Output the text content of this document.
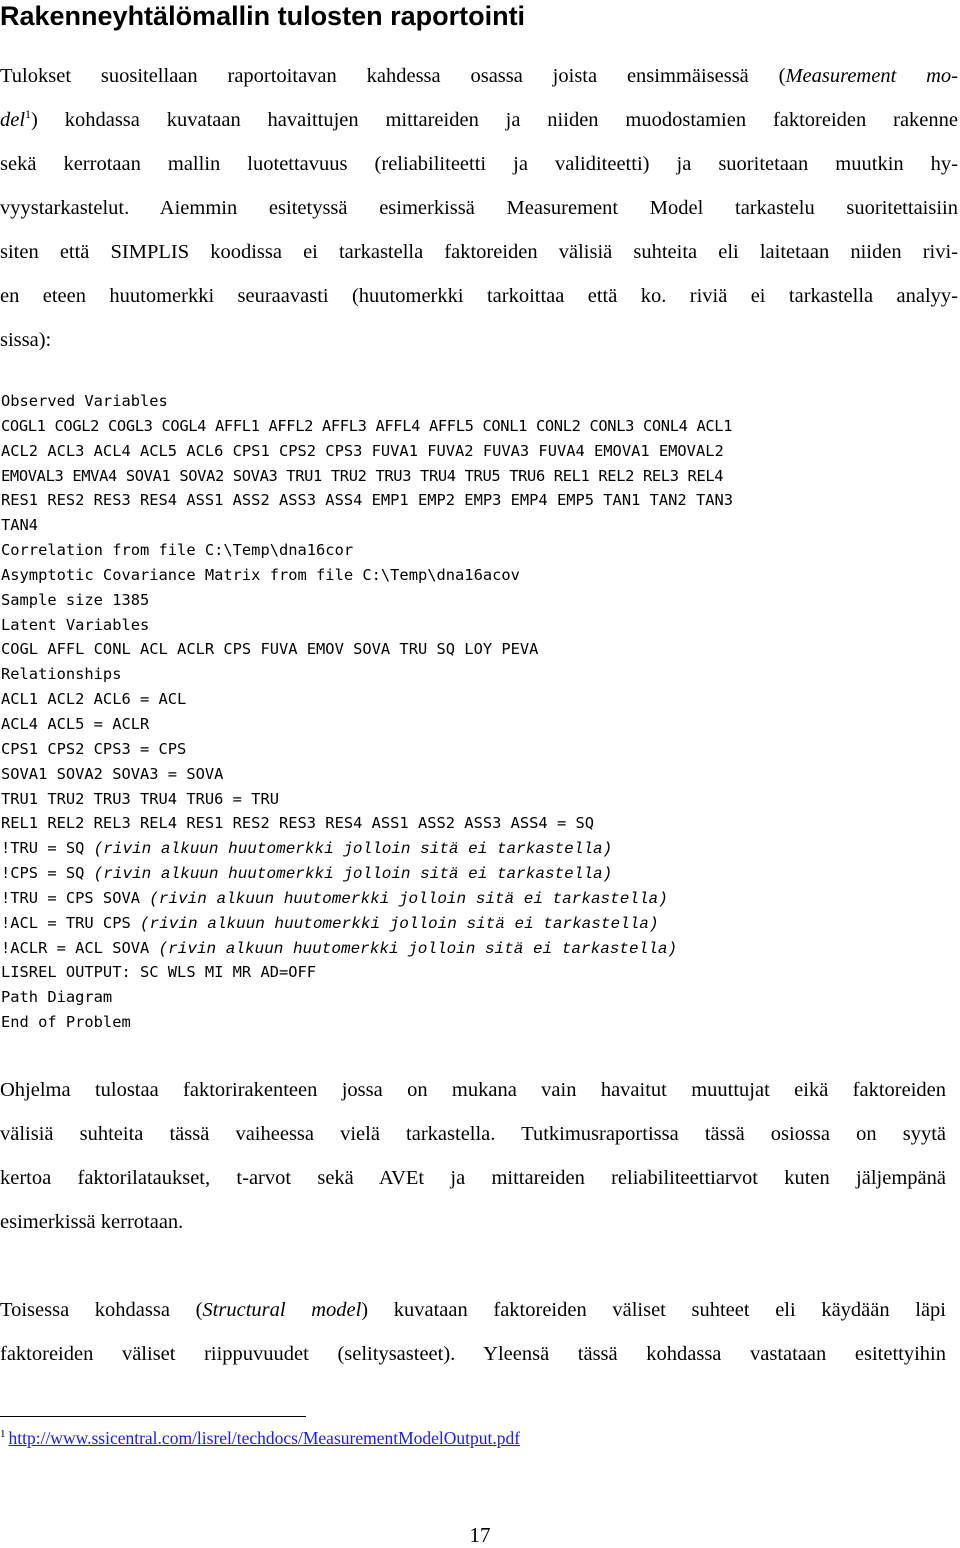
Rakenneyhtälömallin tulosten raportointi
Tulokset suositellaan raportoitavan kahdessa osassa joista ensimmäisessä (Measurement mo-
del$^1$) kohdassa kuvataan havaittujen mittareiden ja niiden muodostamien faktoreiden rakenne
sekä kerrotaan mallin luotettavuus (reliabiliteetti ja validiteetti) ja suoritetaan muutkin hy-
vyystarkastelut. Aiemmin esitetyssä esimerkissä Measurement Model tarkastelu suoritettaisiin
siten että SIMPLIS koodissa ei tarkastella faktoreiden välisiä suhteita eli laitetaan niiden rivi-
en eteen huutomerkki seuraavasti (huutomerkki tarkoittaa että ko. riviä ei tarkastella analyy-
sissa):
Observed Variables
COGL1 COGL2 COGL3 COGL4 AFFL1 AFFL2 AFFL3 AFFL4 AFFL5 CONL1 CONL2 CONL3 CONL4 ACL1
ACL2 ACL3 ACL4 ACL5 ACL6 CPS1 CPS2 CPS3 FUVA1 FUVA2 FUVA3 FUVA4 EMOVA1 EMOVAL2
EMOVAL3 EMVA4 SOVA1 SOVA2 SOVA3 TRU1 TRU2 TRU3 TRU4 TRU5 TRU6 REL1 REL2 REL3 REL4
RES1 RES2 RES3 RES4 ASS1 ASS2 ASS3 ASS4 EMP1 EMP2 EMP3 EMP4 EMP5 TAN1 TAN2 TAN3
TAN4
Correlation from file C:\Temp\dna16cor
Asymptotic Covariance Matrix from file C:\Temp\dna16acov
Sample size 1385
Latent Variables
COGL AFFL CONL ACL ACLR CPS FUVA EMOV SOVA TRU SQ LOY PEVA
Relationships
ACL1 ACL2 ACL6 = ACL
ACL4 ACL5 = ACLR
CPS1 CPS2 CPS3 = CPS
SOVA1 SOVA2 SOVA3 = SOVA
TRU1 TRU2 TRU3 TRU4 TRU6 = TRU
REL1 REL2 REL3 REL4 RES1 RES2 RES3 RES4 ASS1 ASS2 ASS3 ASS4 = SQ
!TRU = SQ (rivin alkuun huutomerkki jolloin sitä ei tarkastella)
!CPS = SQ (rivin alkuun huutomerkki jolloin sitä ei tarkastella)
!TRU = CPS SOVA (rivin alkuun huutomerkki jolloin sitä ei tarkastella)
!ACL = TRU CPS (rivin alkuun huutomerkki jolloin sitä ei tarkastella)
!ACLR = ACL SOVA (rivin alkuun huutomerkki jolloin sitä ei tarkastella)
LISREL OUTPUT: SC WLS MI MR AD=OFF
Path Diagram
End of Problem
Ohjelma tulostaa faktorirakenteen jossa on mukana vain havaitut muuttujat eikä faktoreiden
välisiä suhteita tässä vaiheessa vielä tarkastella. Tutkimusraportissa tässä osiossa on syytä
kertoa faktorilataukset, t-arvot sekä AVEt ja mittareiden reliabiliteettiarvot kuten jäljempänä
esimerkissä kerrotaan.
Toisessa kohdassa (Structural model) kuvataan faktoreiden väliset suhteet eli käydään läpi
faktoreiden väliset riippuvuudet (selitysasteet). Yleensä tässä kohdassa vastataan esitettyihin
$^1$ http://www.ssicentral.com/lisrel/techdocs/MeasurementModelOutput.pdf
17
